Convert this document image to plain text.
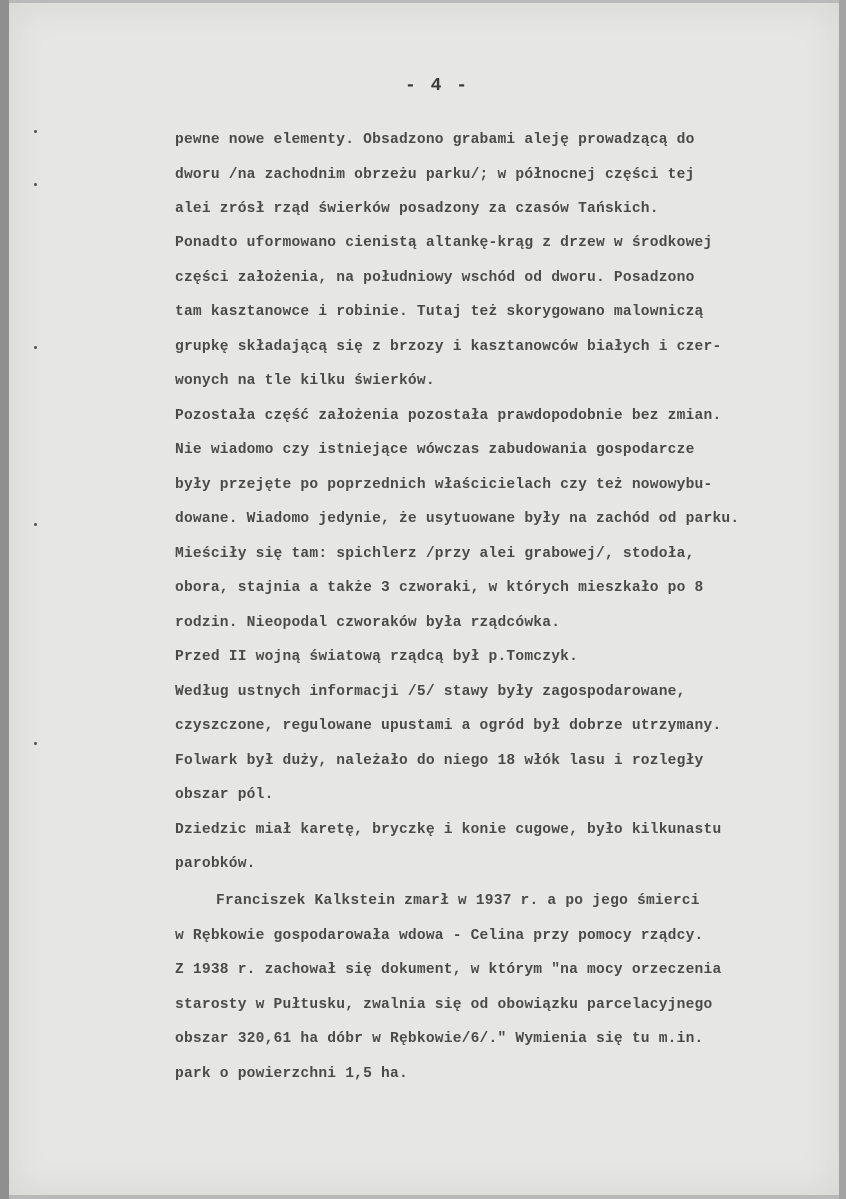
- 4 -
pewne nowe elementy. Obsadzono grabami aleję prowadzącą do
dworu /na zachodnim obrzeżu parku/; w północnej części tej
alei zrósł rząd świerków posadzony za czasów Tańskich.
Ponadto uformowano cienistą altankę-krąg z drzew w środkowej
części założenia, na południowy wschód od dworu. Posadzono
tam kasztanowce i robinie. Tutaj też skorygowano malowniczą
grupkę składającą się z brzozy i kasztanowców białych i czer-
wonych na tle kilku świerków.
Pozostała część założenia pozostała prawdopodobnie bez zmian.
Nie wiadomo czy istniejące wówczas zabudowania gospodarcze
były przejęte po poprzednich właścicielach czy też nowowybu-
dowane. Wiadomo jedynie, że usytuowane były na zachód od parku.
Mieściły się tam: spichlerz /przy alei grabowej/, stodoła,
obora, stajnia a także 3 czworaki, w których mieszkało po 8
rodzin. Nieopodal czworaków była rządcówka.
Przed II wojną światową rządcą był p.Tomczyk.
Według ustnych informacji /5/ stawy były zagospodarowane,
czyszczone, regulowane upustami a ogród był dobrze utrzymany.
Folwark był duży, należało do niego 18 włók lasu i rozległy
obszar pól.
Dziedzic miał karetę, bryczkę i konie cugowe, było kilkunastu
parobków.
Franciszek Kalkstein zmarł w 1937 r. a po jego śmierci
w Rębkowie gospodarowała wdowa - Celina przy pomocy rządcy.
Z 1938 r. zachował się dokument, w którym "na mocy orzeczenia
starosty w Pułtusku, zwalnia się od obowiązku parcelacyjnego
obszar 320,61 ha dóbr w Rębkowie/6/." Wymienia się tu m.in.
park o powierzchni 1,5 ha.
